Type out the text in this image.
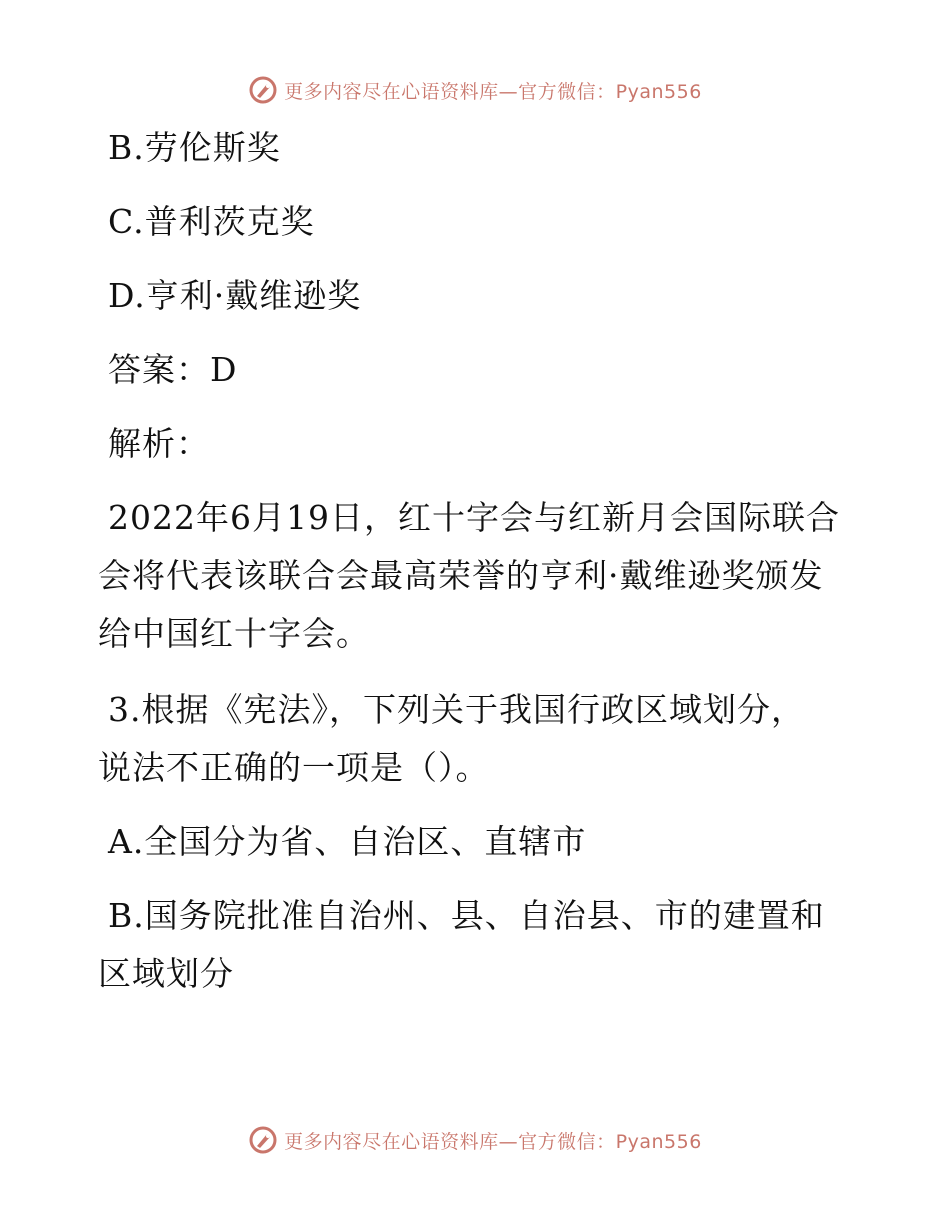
更多内容尽在心语资料库—官方微信：Pyan556
B.劳伦斯奖
C.普利茨克奖
D.亨利·戴维逊奖
答案：D
解析：
2022年6月19日，红十字会与红新月会国际联合
会将代表该联合会最高荣誉的亨利·戴维逊奖颁发
给中国红十字会。
3.根据《宪法》，下列关于我国行政区域划分，
说法不正确的一项是（）。
A.全国分为省、自治区、直辖市
B.国务院批准自治州、县、自治县、市的建置和
区域划分
更多内容尽在心语资料库—官方微信：Pyan556
